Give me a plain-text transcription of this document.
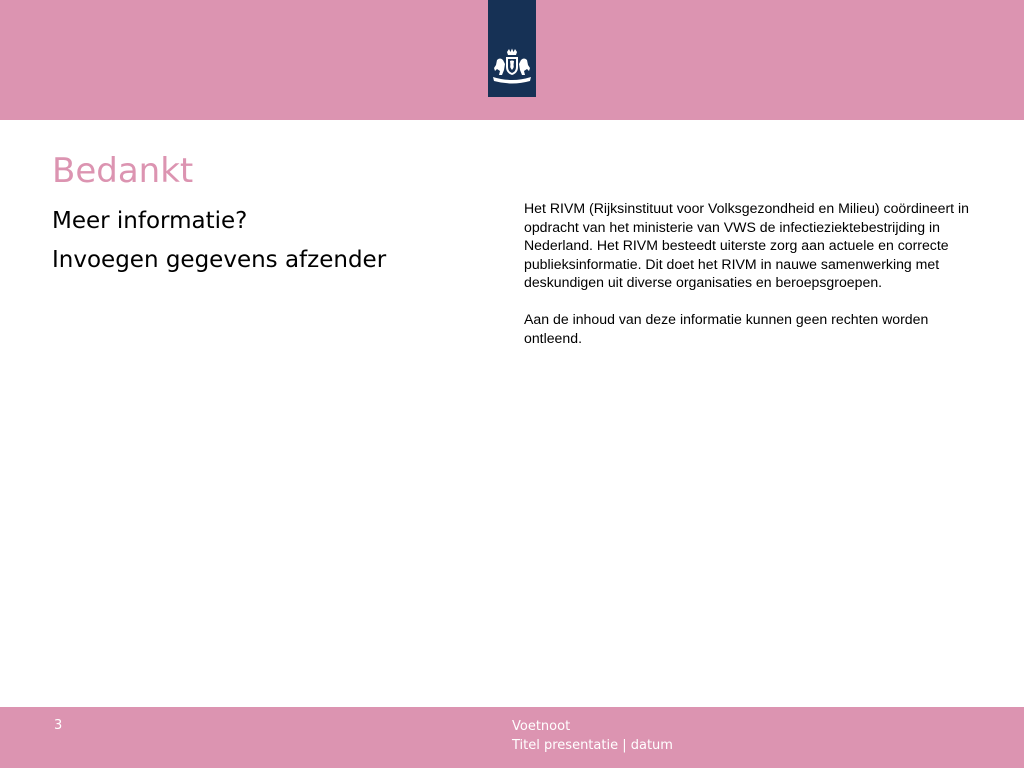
Bedankt
Meer informatie?
Invoegen gegevens afzender

Het RIVM (Rijksinstituut voor Volksgezondheid en Milieu) coördineert in opdracht van het ministerie van VWS de infectieziektebestrijding in Nederland. Het RIVM besteedt uiterste zorg aan actuele en correcte publieksinformatie. Dit doet het RIVM in nauwe samenwerking met deskundigen uit diverse organisaties en beroepsgroepen.

Aan de inhoud van deze informatie kunnen geen rechten worden ontleend.

3	Voetnoot
Titel presentatie | datum
